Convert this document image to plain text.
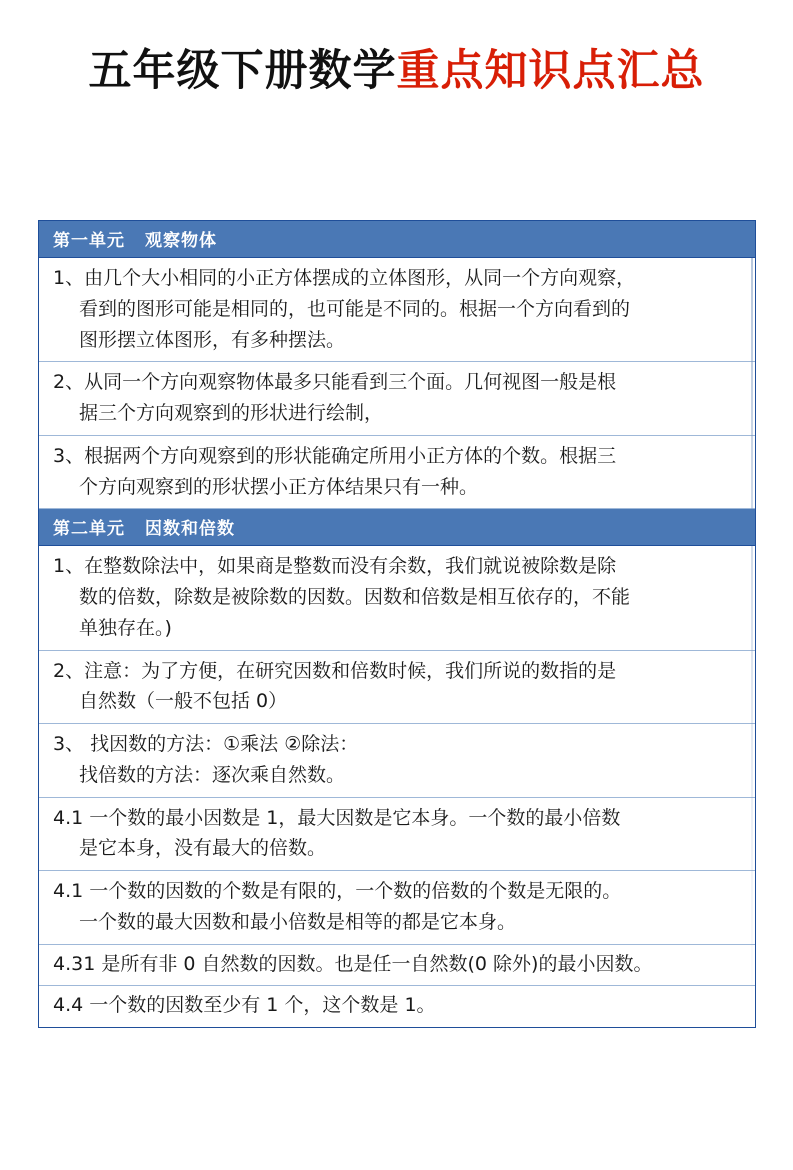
五年级下册数学重点知识点汇总
第一单元 观察物体
1、由几个大小相同的小正方体摆成的立体图形，从同一个方向观察，
看到的图形可能是相同的，也可能是不同的。根据一个方向看到的
图形摆立体图形，有多种摆法。
2、从同一个方向观察物体最多只能看到三个面。几何视图一般是根
据三个方向观察到的形状进行绘制，
3、根据两个方向观察到的形状能确定所用小正方体的个数。根据三
个方向观察到的形状摆小正方体结果只有一种。
第二单元 因数和倍数
1、在整数除法中，如果商是整数而没有余数，我们就说被除数是除
数的倍数，除数是被除数的因数。因数和倍数是相互依存的，不能
单独存在。)
2、注意：为了方便，在研究因数和倍数时候，我们所说的数指的是
自然数（一般不包括 0）
3、 找因数的方法：①乘法 ②除法：
找倍数的方法：逐次乘自然数。
4.1 一个数的最小因数是 1，最大因数是它本身。一个数的最小倍数
是它本身，没有最大的倍数。
4.1 一个数的因数的个数是有限的，一个数的倍数的个数是无限的。
一个数的最大因数和最小倍数是相等的都是它本身。
4.31 是所有非 0 自然数的因数。也是任一自然数(0 除外)的最小因数。
4.4 一个数的因数至少有 1 个，这个数是 1。
